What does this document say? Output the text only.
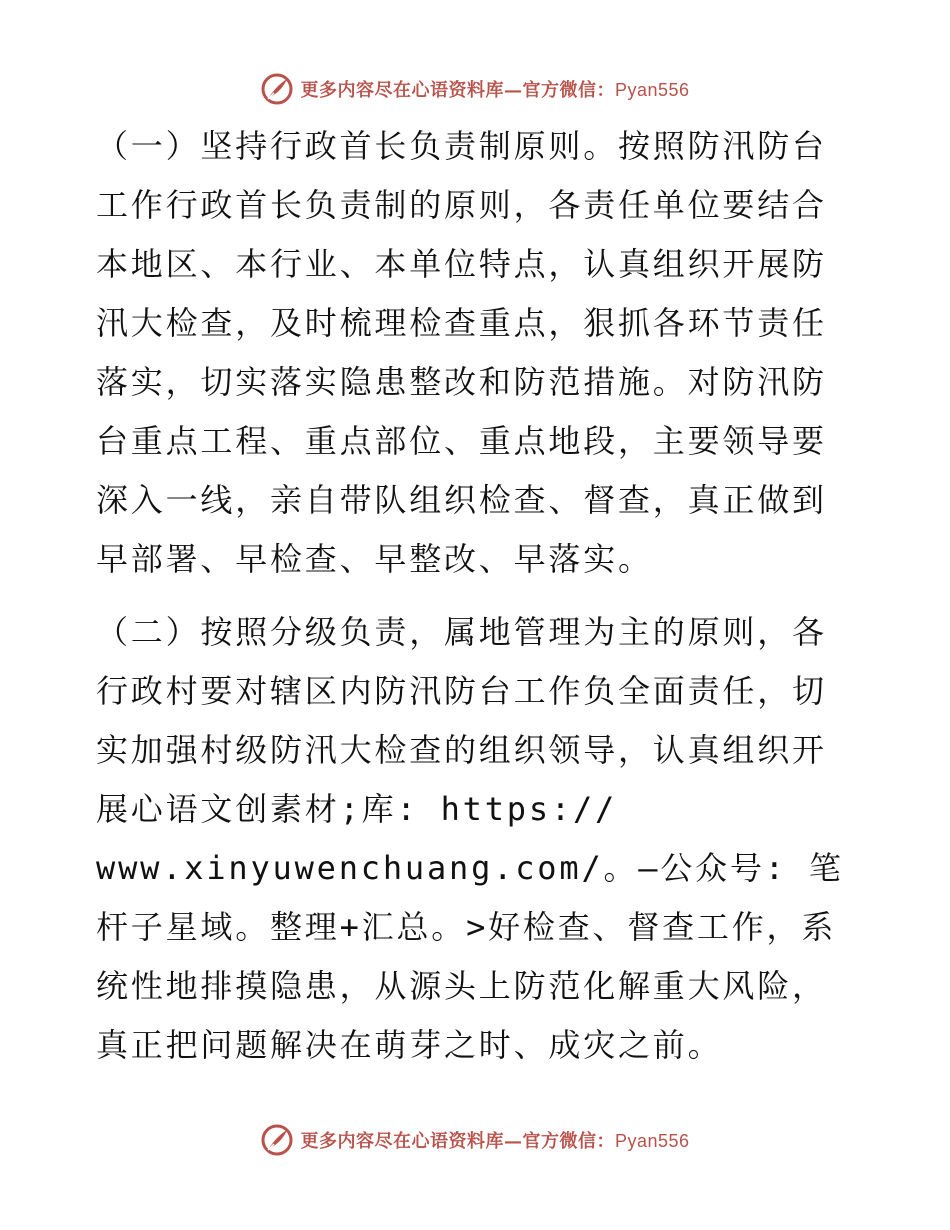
更多内容尽在心语资料库—官方微信：Pyan556

（一）坚持行政首长负责制原则。按照防汛防台工作行政首长负责制的原则，各责任单位要结合本地区、本行业、本单位特点，认真组织开展防汛大检查，及时梳理检查重点，狠抓各环节责任落实，切实落实隐患整改和防范措施。对防汛防台重点工程、重点部位、重点地段，主要领导要深入一线，亲自带队组织检查、督查，真正做到早部署、早检查、早整改、早落实。

（二）按照分级负责，属地管理为主的原则，各行政村要对辖区内防汛防台工作负全面责任，切实加强村级防汛大检查的组织领导，认真组织开展心语文创素材;库: https://

www.xinyuwenchuang.com/。—公众号: 笔杆子星域。整理+汇总。>好检查、督查工作，系统性地排摸隐患，从源头上防范化解重大风险，真正把问题解决在萌芽之时、成灾之前。

更多内容尽在心语资料库—官方微信：Pyan556
